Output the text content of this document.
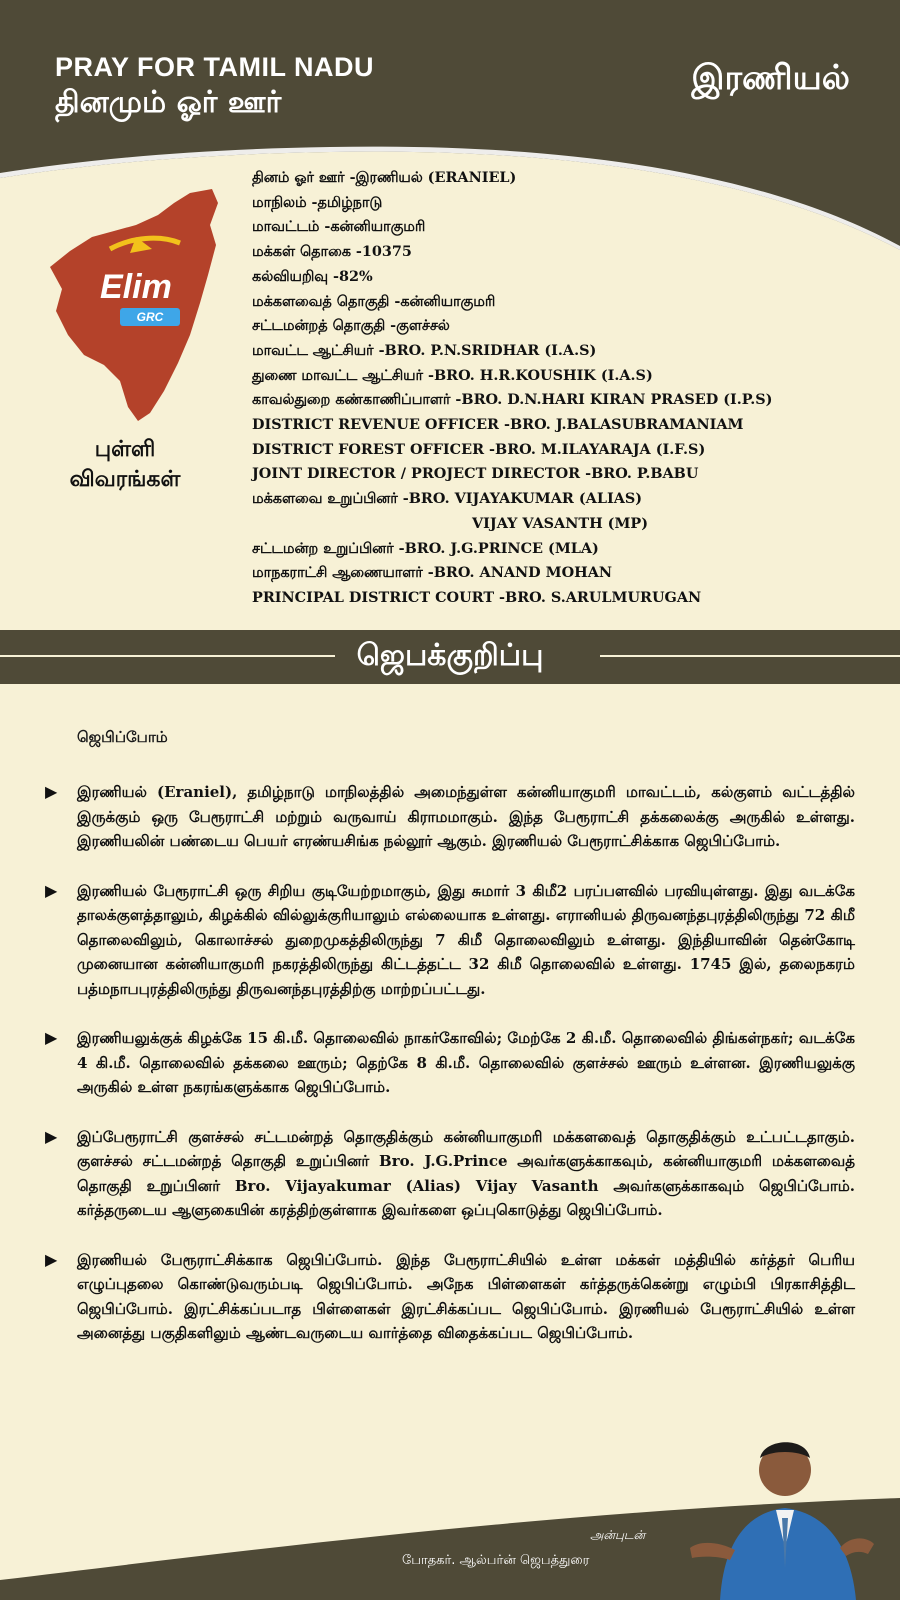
PRAY FOR TAMIL NADU
தினமும் ஓர் ஊர்
இரணியல்
Elim
GRC
புள்ளி
விவரங்கள்
தினம் ஓர் ஊர் -இரணியல் (ERANIEL)
மாநிலம் -தமிழ்நாடு
மாவட்டம் -கன்னியாகுமரி
மக்கள் தொகை -10375
கல்வியறிவு -82%
மக்களவைத் தொகுதி -கன்னியாகுமரி
சட்டமன்றத் தொகுதி -குளச்சல்
மாவட்ட ஆட்சியர் -BRO. P.N.SRIDHAR (I.A.S)
துணை மாவட்ட ஆட்சியர் -BRO. H.R.KOUSHIK (I.A.S)
காவல்துறை கண்காணிப்பாளர் -BRO. D.N.HARI KIRAN PRASED (I.P.S)
DISTRICT REVENUE OFFICER -BRO. J.BALASUBRAMANIAM
DISTRICT FOREST OFFICER -BRO. M.ILAYARAJA (I.F.S)
JOINT DIRECTOR / PROJECT DIRECTOR -BRO. P.BABU
மக்களவை உறுப்பினர் -BRO. VIJAYAKUMAR (ALIAS)
VIJAY VASANTH (MP)
சட்டமன்ற உறுப்பினர் -BRO. J.G.PRINCE (MLA)
மாநகராட்சி ஆணையாளர் -BRO. ANAND MOHAN
PRINCIPAL DISTRICT COURT -BRO. S.ARULMURUGAN
ஜெபக்குறிப்பு
ஜெபிப்போம்
▶	இரணியல் (Eraniel), தமிழ்நாடு மாநிலத்தில் அமைந்துள்ள கன்னியாகுமரி மாவட்டம், கல்குளம் வட்டத்தில் இருக்கும் ஒரு பேரூராட்சி மற்றும் வருவாய் கிராமமாகும். இந்த பேரூராட்சி தக்கலைக்கு அருகில் உள்ளது. இரணியலின் பண்டைய பெயர் எரண்யசிங்க நல்லூர் ஆகும். இரணியல் பேரூராட்சிக்காக ஜெபிப்போம்.

▶	இரணியல் பேரூராட்சி ஒரு சிறிய குடியேற்றமாகும், இது சுமார் 3 கிமீ2 பரப்பளவில் பரவியுள்ளது. இது வடக்கே தாலக்குளத்தாலும், கிழக்கில் வில்லுக்குரியாலும் எல்லையாக உள்ளது. எரானியல் திருவனந்தபுரத்திலிருந்து 72 கிமீ தொலைவிலும், கொலாச்சல் துறைமுகத்திலிருந்து 7 கிமீ தொலைவிலும் உள்ளது. இந்தியாவின் தென்கோடி முனையான கன்னியாகுமரி நகரத்திலிருந்து கிட்டத்தட்ட 32 கிமீ தொலைவில் உள்ளது. 1745 இல், தலைநகரம் பத்மநாபபுரத்திலிருந்து திருவனந்தபுரத்திற்கு மாற்றப்பட்டது.

▶	இரணியலுக்குக் கிழக்கே 15 கி.மீ. தொலைவில் நாகர்கோவில்; மேற்கே 2 கி.மீ. தொலைவில் திங்கள்நகர்; வடக்கே 4 கி.மீ. தொலைவில் தக்கலை ஊரும்; தெற்கே 8 கி.மீ. தொலைவில் குளச்சல் ஊரும் உள்ளன. இரணியலுக்கு அருகில் உள்ள நகரங்களுக்காக ஜெபிப்போம்.

▶	இப்பேரூராட்சி குளச்சல் சட்டமன்றத் தொகுதிக்கும் கன்னியாகுமரி மக்களவைத் தொகுதிக்கும் உட்பட்டதாகும். குளச்சல் சட்டமன்றத் தொகுதி உறுப்பினர் Bro. J.G.Prince அவர்களுக்காகவும், கன்னியாகுமரி மக்களவைத் தொகுதி உறுப்பினர் Bro. Vijayakumar (Alias) Vijay Vasanth அவர்களுக்காகவும் ஜெபிப்போம். கர்த்தருடைய ஆளுகையின் கரத்திற்குள்ளாக இவர்களை ஒப்புகொடுத்து ஜெபிப்போம்.

▶	இரணியல் பேரூராட்சிக்காக ஜெபிப்போம். இந்த பேரூராட்சியில் உள்ள மக்கள் மத்தியில் கர்த்தர் பெரிய எழுப்புதலை கொண்டுவரும்படி ஜெபிப்போம். அநேக பிள்ளைகள் கர்த்தருக்கென்று எழும்பி பிரகாசித்திட ஜெபிப்போம். இரட்சிக்கப்படாத பிள்ளைகள் இரட்சிக்கப்பட ஜெபிப்போம். இரணியல் பேரூராட்சியில் உள்ள அனைத்து பகுதிகளிலும் ஆண்டவருடைய வார்த்தை விதைக்கப்பட ஜெபிப்போம்.

அன்புடன்
போதகர். ஆல்பர்ன் ஜெபத்துரை
